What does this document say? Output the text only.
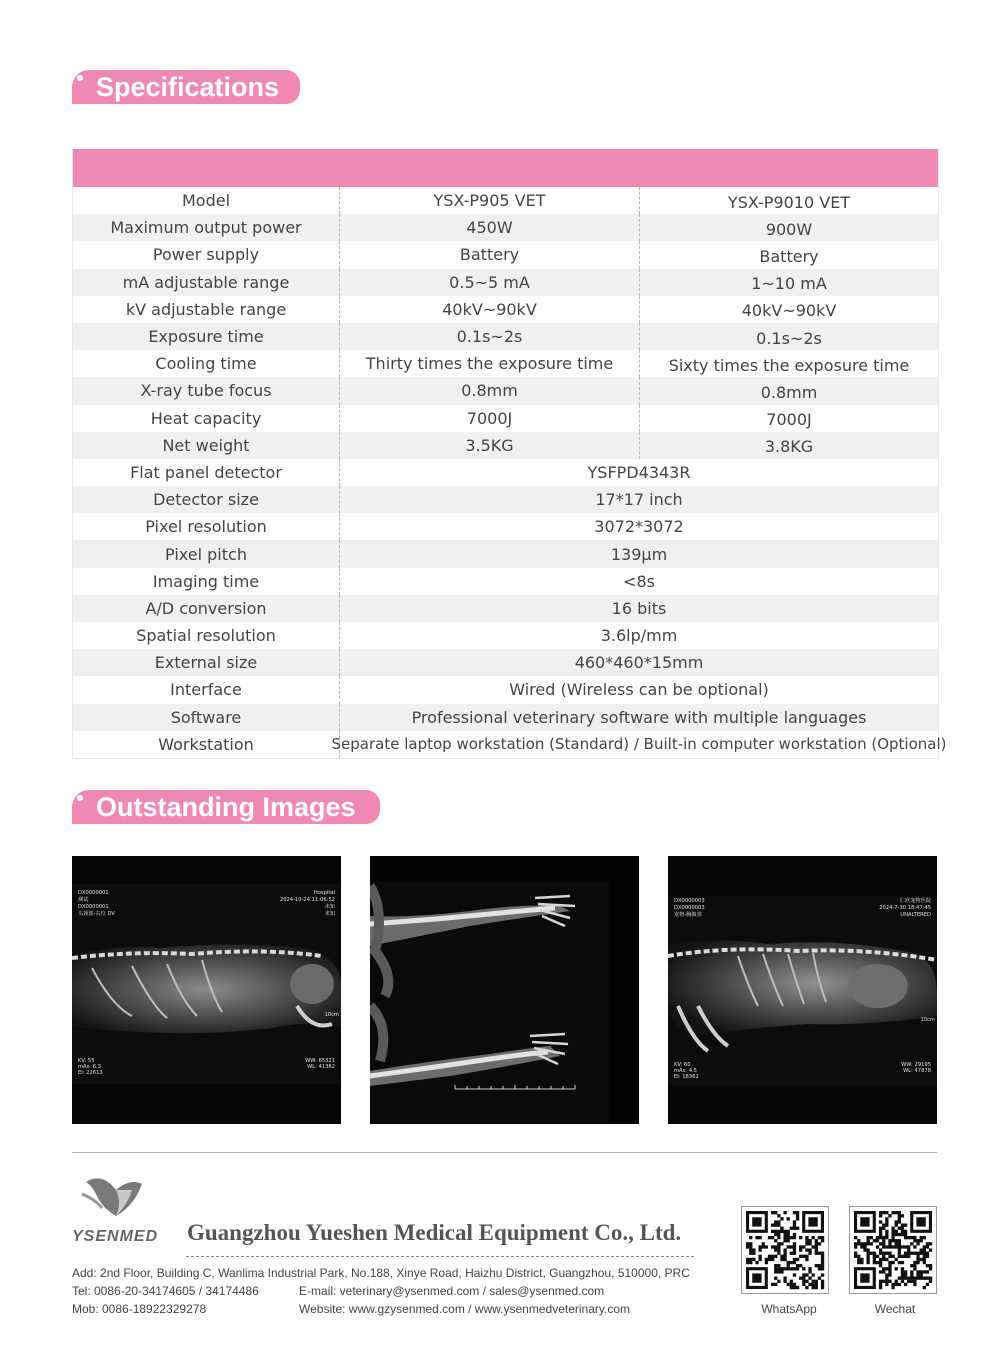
Specifications
Model	YSX-P905 VET	YSX-P9010 VET
Maximum output power	450W	900W
Power supply	Battery	Battery
mA adjustable range	0.5~5 mA	1~10 mA
kV adjustable range	40kV~90kV	40kV~90kV
Exposure time	0.1s~2s	0.1s~2s
Cooling time	Thirty times the exposure time	Sixty times the exposure time
X-ray tube focus	0.8mm	0.8mm
Heat capacity	7000J	7000J
Net weight	3.5KG	3.8KG
Flat panel detector	YSFPD4343R
Detector size	17*17 inch
Pixel resolution	3072*3072
Pixel pitch	139μm
Imaging time	<8s
A/D conversion	16 bits
Spatial resolution	3.6lp/mm
External size	460*460*15mm
Interface	Wired (Wireless can be optional)
Software	Professional veterinary software with multiple languages
Workstation	Separate laptop workstation (Standard) / Built-in computer workstation (Optional)
Outstanding Images
DX0000001 测试 DX0000001 头颈部-右位 DV
Hospital 2024-10-24 11:06:52 未知未知
10cm
KV: 55 mAs: 6.3 EI: 22613
WW: 65321 WL: 41382
DX0000003 DX0000003 宠物-胸腹部
仁欣宠物医院 2024-7-30 18:47:45 UNALTERED
10cm
KV: 60 mAs: 4.5 EI: 18362
WW: 29195 WL: 47878
YSENMED Guangzhou Yueshen Medical Equipment Co., Ltd.
Add: 2nd Floor, Building C, Wanlima Industrial Park, No.188, Xinye Road, Haizhu District, Guangzhou, 510000, PRC
Tel: 0086-20-34174605 / 34174486	E-mail: veterinary@ysenmed.com / sales@ysenmed.com
Mob: 0086-18922329278	Website: www.gzysenmed.com / www.ysenmedveterinary.com	WhatsApp	Wechat
